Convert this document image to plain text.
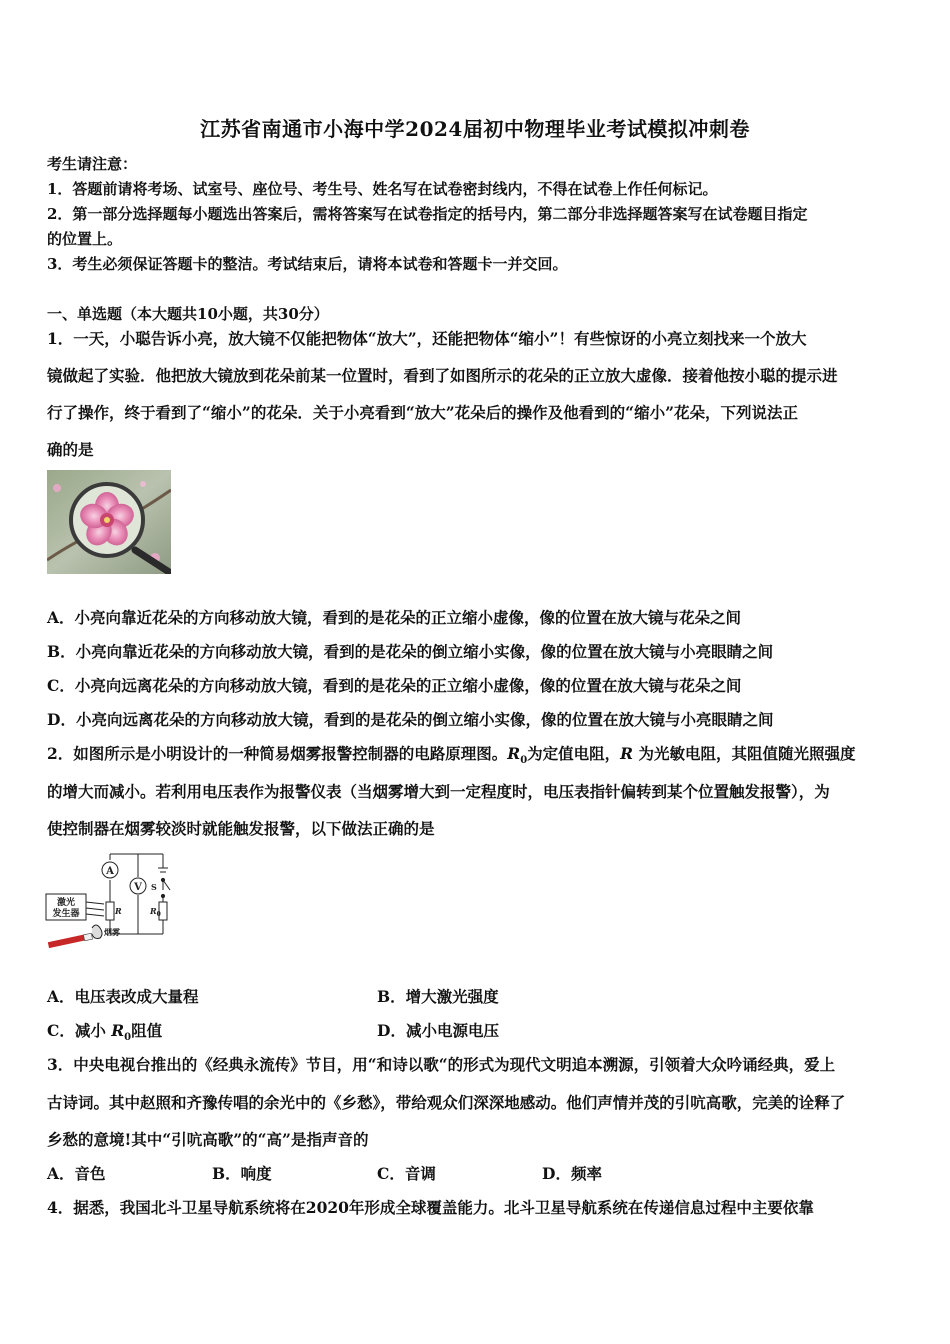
江苏省南通市小海中学2024届初中物理毕业考试模拟冲刺卷
考生请注意：
1．答题前请将考场、试室号、座位号、考生号、姓名写在试卷密封线内，不得在试卷上作任何标记。
2．第一部分选择题每小题选出答案后，需将答案写在试卷指定的括号内，第二部分非选择题答案写在试卷题目指定
的位置上。
3．考生必须保证答题卡的整洁。考试结束后，请将本试卷和答题卡一并交回。
一、单选题（本大题共10小题，共30分）
1．一天，小聪告诉小亮，放大镜不仅能把物体“放大”，还能把物体“缩小”！有些惊讶的小亮立刻找来一个放大
镜做起了实验．他把放大镜放到花朵前某一位置时，看到了如图所示的花朵的正立放大虚像．接着他按小聪的提示进
行了操作，终于看到了“缩小”的花朵．关于小亮看到“放大”花朵后的操作及他看到的“缩小”花朵，下列说法正
确的是
A．小亮向靠近花朵的方向移动放大镜，看到的是花朵的正立缩小虚像，像的位置在放大镜与花朵之间
B．小亮向靠近花朵的方向移动放大镜，看到的是花朵的倒立缩小实像，像的位置在放大镜与小亮眼睛之间
C．小亮向远离花朵的方向移动放大镜，看到的是花朵的正立缩小虚像，像的位置在放大镜与花朵之间
D．小亮向远离花朵的方向移动放大镜，看到的是花朵的倒立缩小实像，像的位置在放大镜与小亮眼睛之间
2．如图所示是小明设计的一种简易烟雾报警控制器的电路原理图。$R_0$为定值电阻，R 为光敏电阻，其阻值随光照强度
的增大而减小。若利用电压表作为报警仪表（当烟雾增大到一定程度时，电压表指针偏转到某个位置触发报警），为
使控制器在烟雾较淡时就能触发报警，以下做法正确的是
A
V S
R	$R_0$
激光
发生器
烟雾
A．电压表改成大量程	B．增大激光强度
C．减小 $R_0$阻值	D．减小电源电压
3．中央电视台推出的《经典永流传》节目，用“和诗以歌“的形式为现代文明追本溯源，引领着大众吟诵经典，爱上
古诗词。其中赵照和齐豫传唱的余光中的《乡愁》，带给观众们深深地感动。他们声情并茂的引吭高歌，完美的诠释了
乡愁的意境!其中“引吭高歌”的“高”是指声音的
A．音色	B．响度	C．音调	D．频率
4．据悉，我国北斗卫星导航系统将在2020年形成全球覆盖能力。北斗卫星导航系统在传递信息过程中主要依靠
